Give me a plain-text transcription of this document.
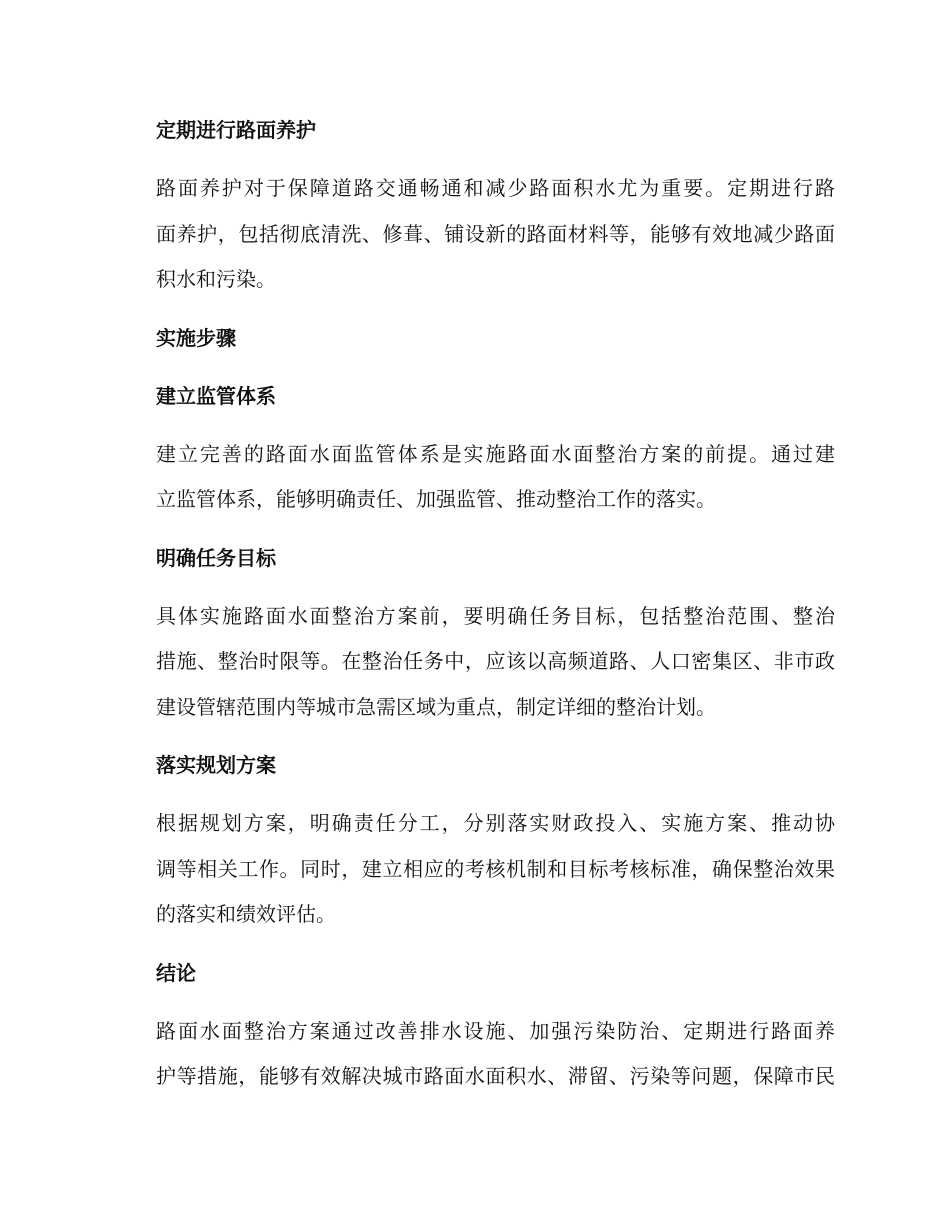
定期进行路面养护
路面养护对于保障道路交通畅通和减少路面积水尤为重要。定期进行路
面养护，包括彻底清洗、修葺、铺设新的路面材料等，能够有效地减少路面
积水和污染。
实施步骤
建立监管体系
建立完善的路面水面监管体系是实施路面水面整治方案的前提。通过建
立监管体系，能够明确责任、加强监管、推动整治工作的落实。
明确任务目标
具体实施路面水面整治方案前，要明确任务目标，包括整治范围、整治
措施、整治时限等。在整治任务中，应该以高频道路、人口密集区、非市政
建设管辖范围内等城市急需区域为重点，制定详细的整治计划。
落实规划方案
根据规划方案，明确责任分工，分别落实财政投入、实施方案、推动协
调等相关工作。同时，建立相应的考核机制和目标考核标准，确保整治效果
的落实和绩效评估。
结论
路面水面整治方案通过改善排水设施、加强污染防治、定期进行路面养
护等措施，能够有效解决城市路面水面积水、滞留、污染等问题，保障市民
